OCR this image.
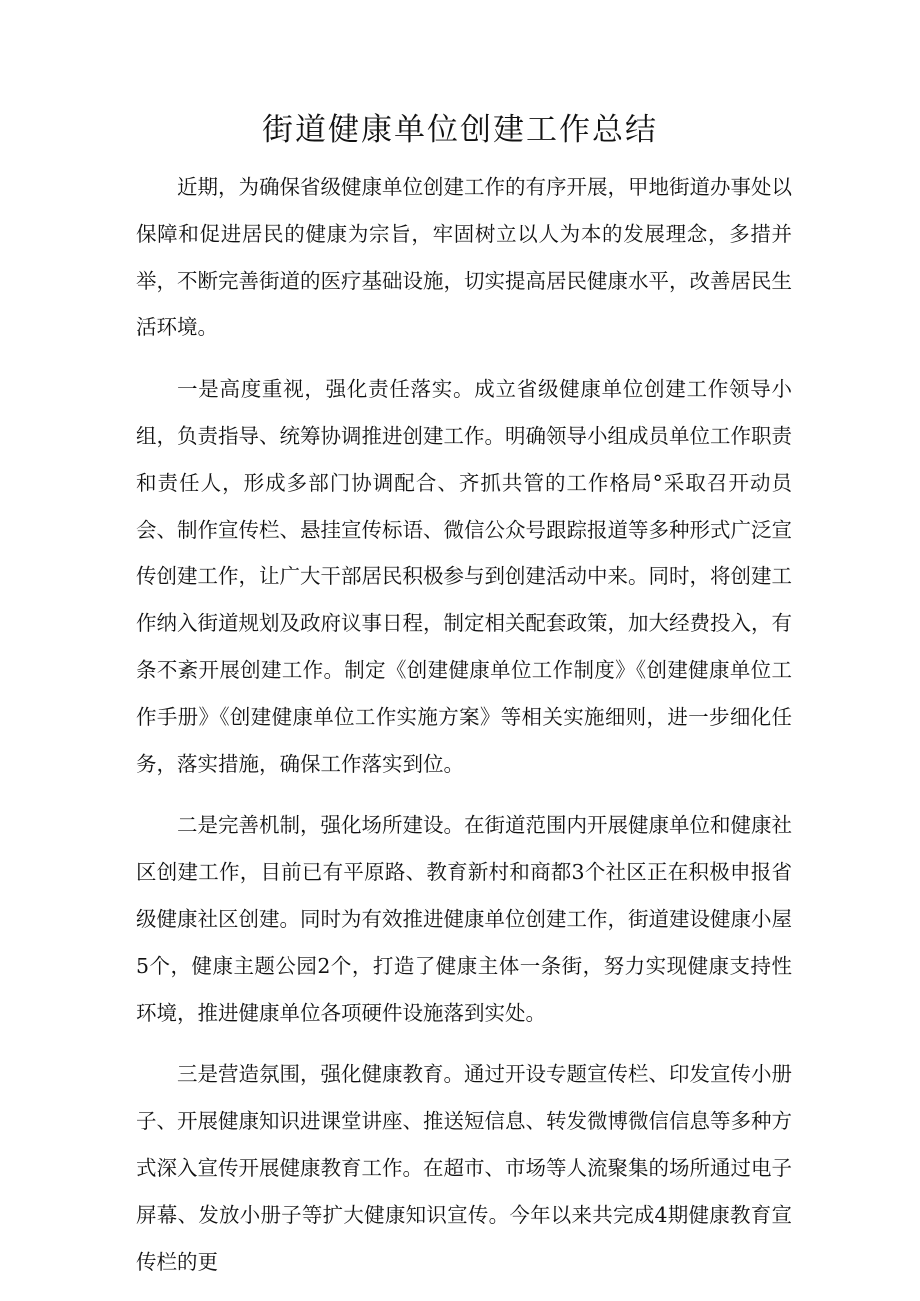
街道健康单位创建工作总结

近期，为确保省级健康单位创建工作的有序开展，甲地街道办事处以保障和促进居民的健康为宗旨，牢固树立以人为本的发展理念，多措并举，不断完善街道的医疗基础设施，切实提高居民健康水平，改善居民生活环境。

一是高度重视，强化责任落实。成立省级健康单位创建工作领导小组，负责指导、统筹协调推进创建工作。明确领导小组成员单位工作职责和责任人，形成多部门协调配合、齐抓共管的工作格局°采取召开动员会、制作宣传栏、悬挂宣传标语、微信公众号跟踪报道等多种形式广泛宣传创建工作，让广大干部居民积极参与到创建活动中来。同时，将创建工作纳入街道规划及政府议事日程，制定相关配套政策，加大经费投入，有条不紊开展创建工作。制定《创建健康单位工作制度》《创建健康单位工作手册》《创建健康单位工作实施方案》等相关实施细则，进一步细化任务，落实措施，确保工作落实到位。

二是完善机制，强化场所建设。在街道范围内开展健康单位和健康社区创建工作，目前已有平原路、教育新村和商都3个社区正在积极申报省级健康社区创建。同时为有效推进健康单位创建工作，街道建设健康小屋5个，健康主题公园2个，打造了健康主体一条街，努力实现健康支持性环境，推进健康单位各项硬件设施落到实处。

三是营造氛围，强化健康教育。通过开设专题宣传栏、印发宣传小册子、开展健康知识进课堂讲座、推送短信息、转发微博微信信息等多种方式深入宣传开展健康教育工作。在超市、市场等人流聚集的场所通过电子屏幕、发放小册子等扩大健康知识宣传。今年以来共完成4期健康教育宣传栏的更
